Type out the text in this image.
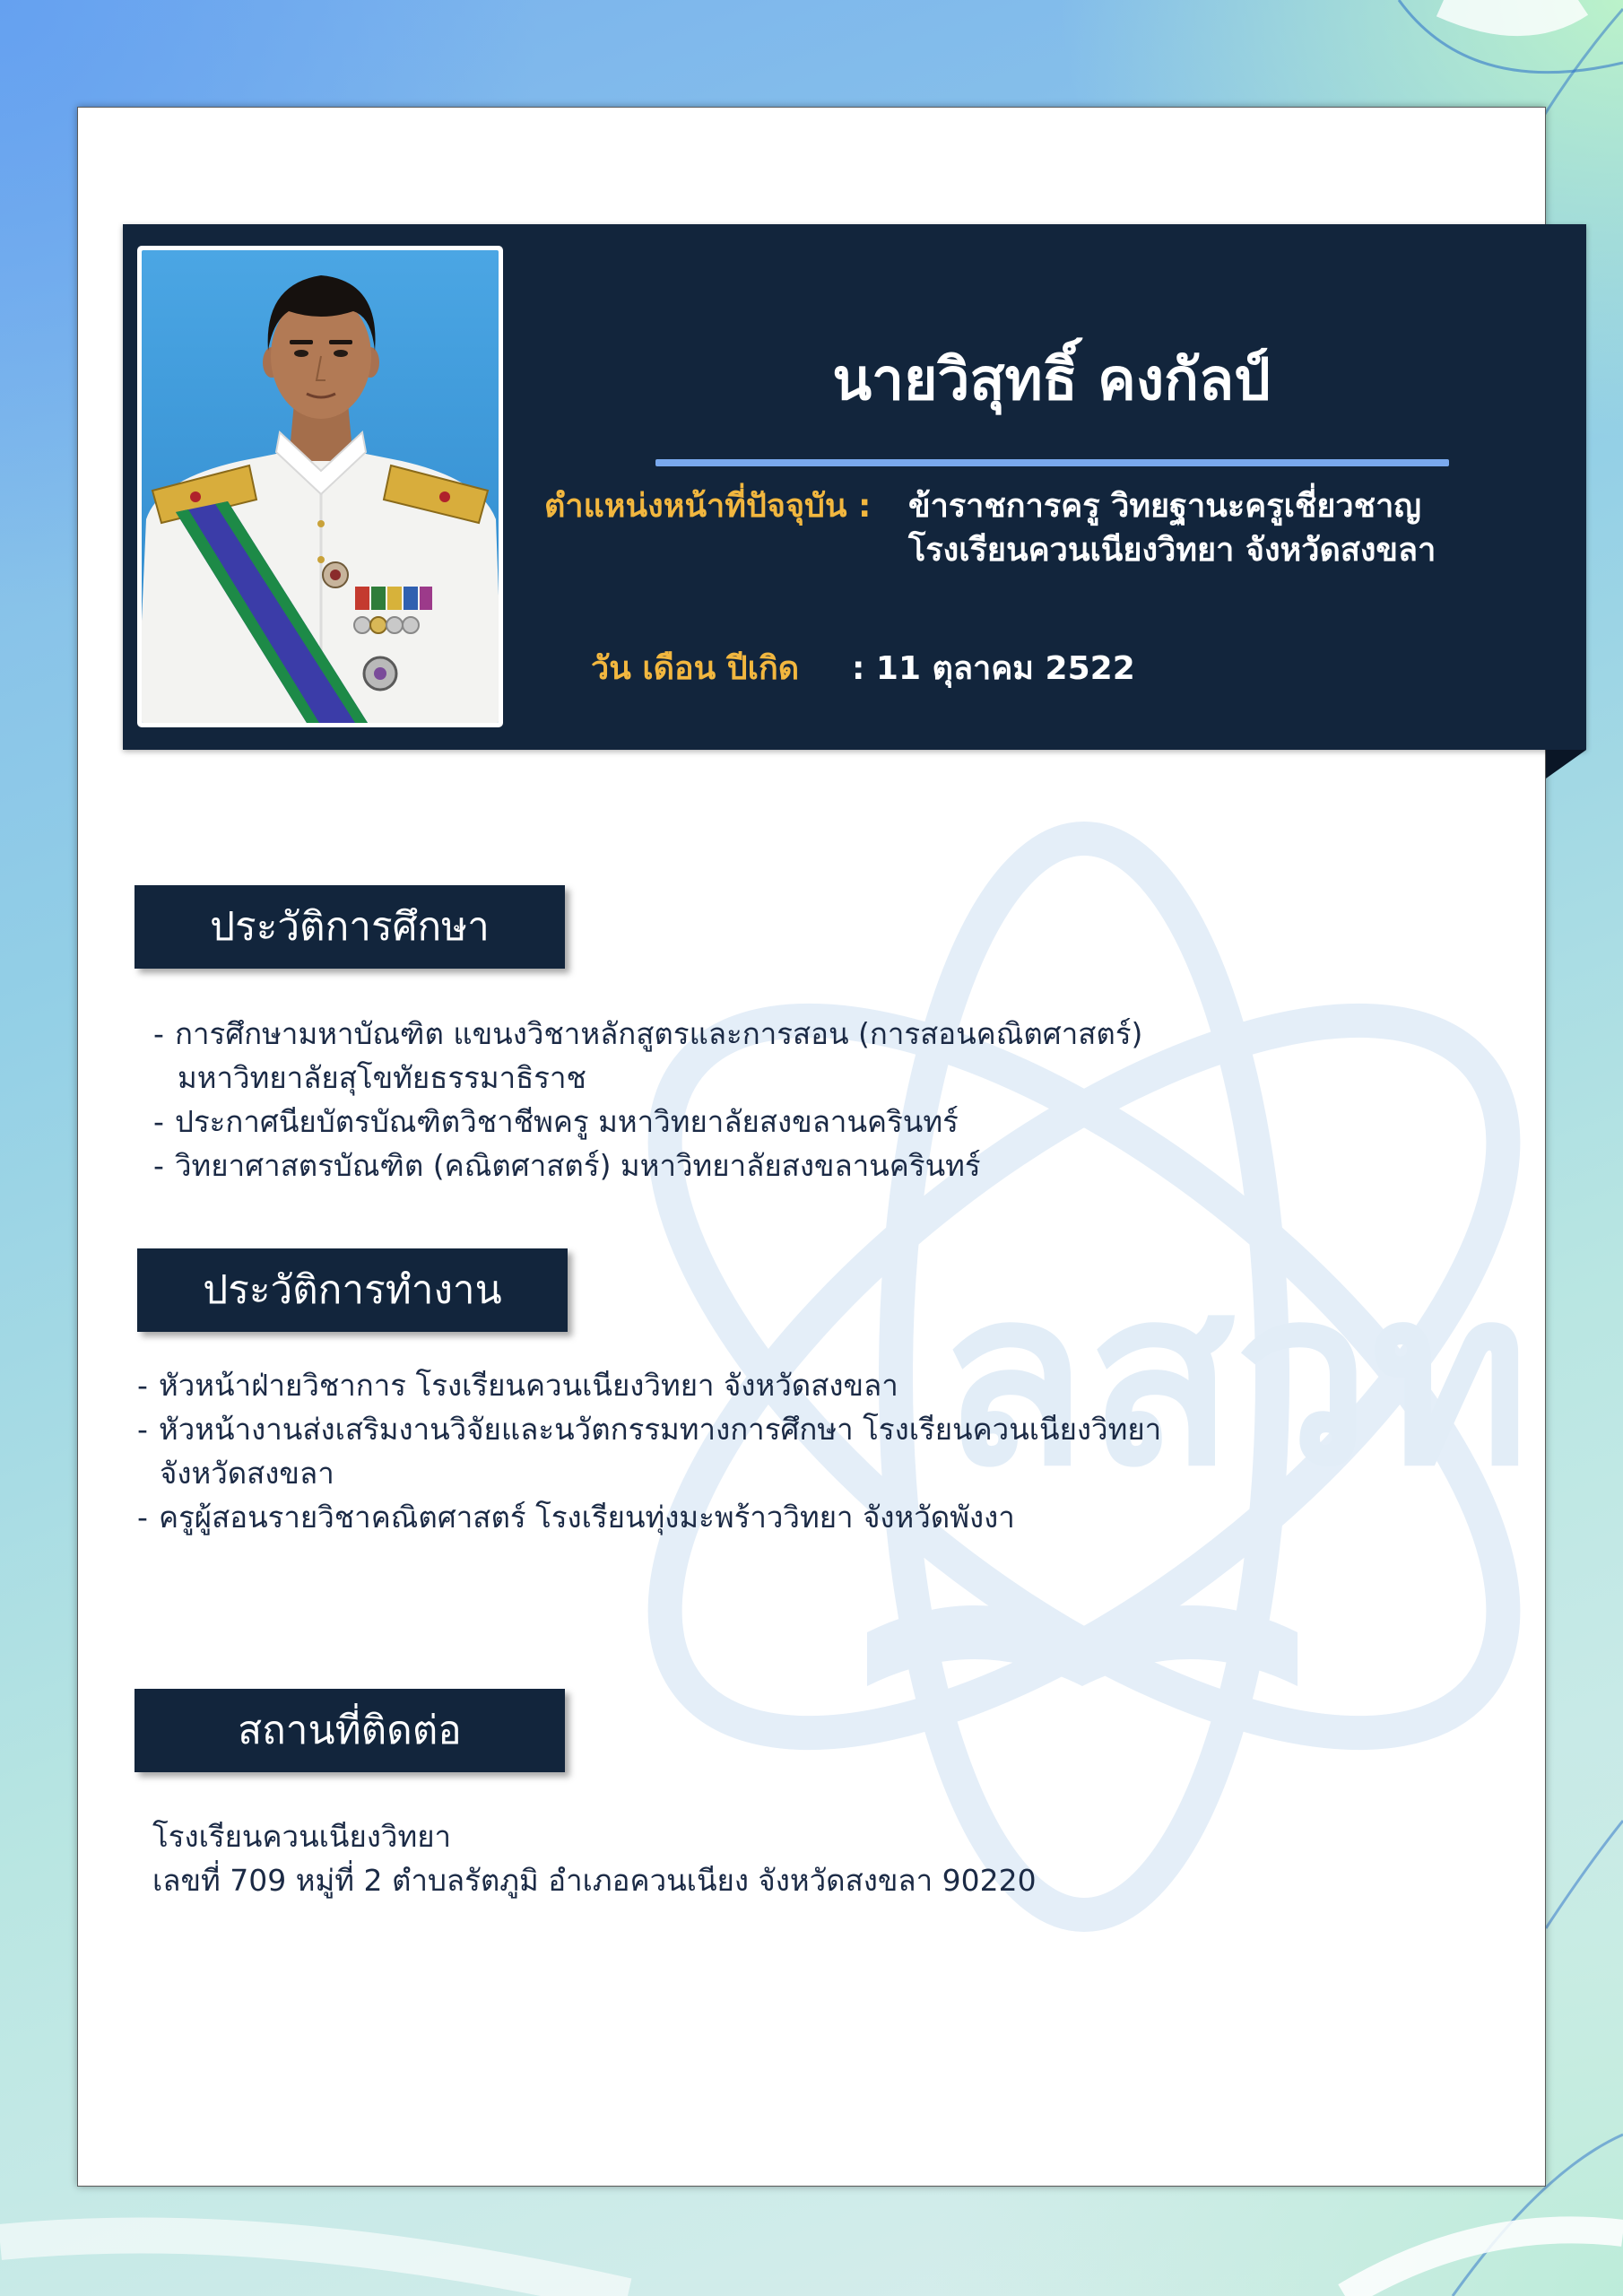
ลสวท
นายวิสุทธิ์ คงกัลป์
ตำแหน่งหน้าที่ปัจจุบัน : ข้าราชการครู วิทยฐานะครูเชี่ยวชาญ
โรงเรียนควนเนียงวิทยา จังหวัดสงขลา
วัน เดือน ปีเกิด : 11 ตุลาคม 2522
ประวัติการศึกษา
- การศึกษามหาบัณฑิต แขนงวิชาหลักสูตรและการสอน (การสอนคณิตศาสตร์)
มหาวิทยาลัยสุโขทัยธรรมาธิราช
- ประกาศนียบัตรบัณฑิตวิชาชีพครู มหาวิทยาลัยสงขลานครินทร์
- วิทยาศาสตรบัณฑิต (คณิตศาสตร์) มหาวิทยาลัยสงขลานครินทร์
ประวัติการทำงาน
- หัวหน้าฝ่ายวิชาการ โรงเรียนควนเนียงวิทยา จังหวัดสงขลา
- หัวหน้างานส่งเสริมงานวิจัยและนวัตกรรมทางการศึกษา โรงเรียนควนเนียงวิทยา
จังหวัดสงขลา
- ครูผู้สอนรายวิชาคณิตศาสตร์ โรงเรียนทุ่งมะพร้าววิทยา จังหวัดพังงา
สถานที่ติดต่อ
โรงเรียนควนเนียงวิทยา
เลขที่ 709 หมู่ที่ 2 ตำบลรัตภูมิ อำเภอควนเนียง จังหวัดสงขลา 90220
